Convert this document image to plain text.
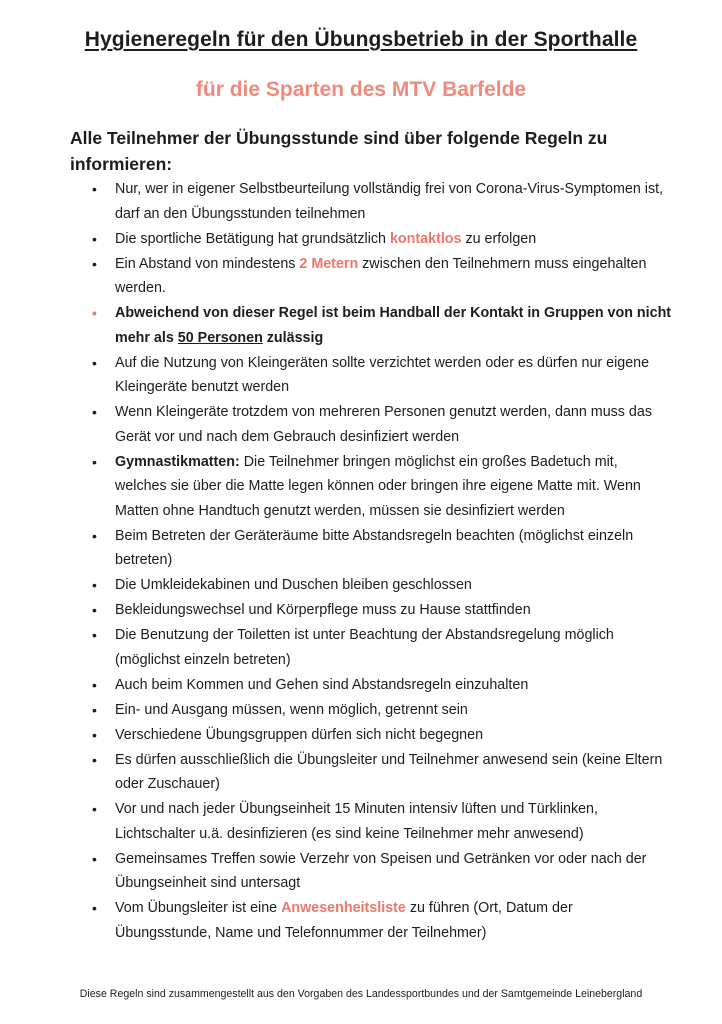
Hygieneregeln für den Übungsbetrieb in der Sporthalle
für die Sparten des MTV Barfelde
Alle Teilnehmer der Übungsstunde sind über folgende Regeln zu informieren:
• Nur, wer in eigener Selbstbeurteilung vollständig frei von Corona-Virus-Symptomen ist, darf an den Übungsstunden teilnehmen
• Die sportliche Betätigung hat grundsätzlich kontaktlos zu erfolgen
• Ein Abstand von mindestens 2 Metern zwischen den Teilnehmern muss eingehalten werden.
• Abweichend von dieser Regel ist beim Handball der Kontakt in Gruppen von nicht mehr als 50 Personen zulässig
• Auf die Nutzung von Kleingeräten sollte verzichtet werden oder es dürfen nur eigene Kleingeräte benutzt werden
• Wenn Kleingeräte trotzdem von mehreren Personen genutzt werden, dann muss das Gerät vor und nach dem Gebrauch desinfiziert werden
• Gymnastikmatten: Die Teilnehmer bringen möglichst ein großes Badetuch mit, welches sie über die Matte legen können oder bringen ihre eigene Matte mit. Wenn Matten ohne Handtuch genutzt werden, müssen sie desinfiziert werden
• Beim Betreten der Geräteräume bitte Abstandsregeln beachten (möglichst einzeln betreten)
• Die Umkleidekabinen und Duschen bleiben geschlossen
• Bekleidungswechsel und Körperpflege muss zu Hause stattfinden
• Die Benutzung der Toiletten ist unter Beachtung der Abstandsregelung möglich (möglichst einzeln betreten)
• Auch beim Kommen und Gehen sind Abstandsregeln einzuhalten
• Ein- und Ausgang müssen, wenn möglich, getrennt sein
• Verschiedene Übungsgruppen dürfen sich nicht begegnen
• Es dürfen ausschließlich die Übungsleiter und Teilnehmer anwesend sein (keine Eltern oder Zuschauer)
• Vor und nach jeder Übungseinheit 15 Minuten intensiv lüften und Türklinken, Lichtschalter u.ä. desinfizieren (es sind keine Teilnehmer mehr anwesend)
• Gemeinsames Treffen sowie Verzehr von Speisen und Getränken vor oder nach der Übungseinheit sind untersagt
• Vom Übungsleiter ist eine Anwesenheitsliste zu führen (Ort, Datum der Übungsstunde, Name und Telefonnummer der Teilnehmer)
Diese Regeln sind zusammengestellt aus den Vorgaben des Landessportbundes und der Samtgemeinde Leinebergland
